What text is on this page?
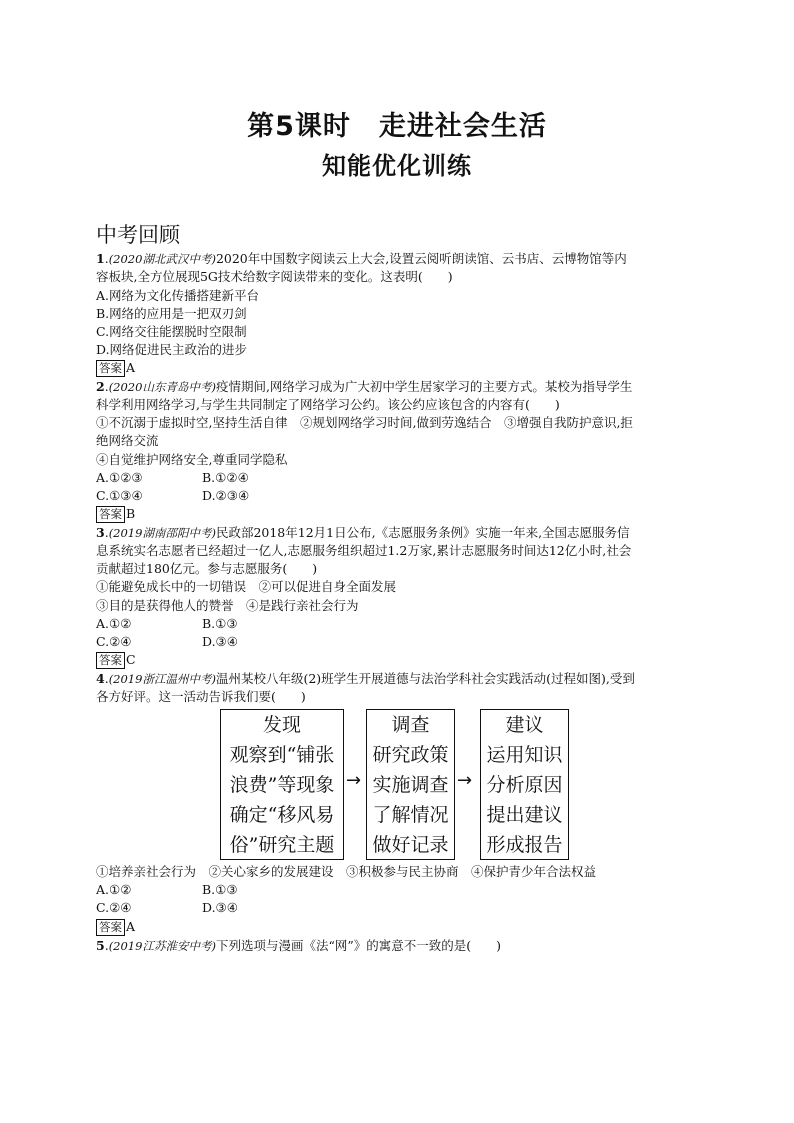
第5课时　走进社会生活
知能优化训练
中考回顾
1.(2020湖北武汉中考)2020年中国数字阅读云上大会,设置云阅听朗读馆、云书店、云博物馆等内
容板块,全方位展现5G技术给数字阅读带来的变化。这表明(　　)
A.网络为文化传播搭建新平台
B.网络的应用是一把双刃剑
C.网络交往能摆脱时空限制
D.网络促进民主政治的进步
答案 A
2.(2020山东青岛中考)疫情期间,网络学习成为广大初中学生居家学习的主要方式。某校为指导学生
科学利用网络学习,与学生共同制定了网络学习公约。该公约应该包含的内容有(　　)
①不沉溺于虚拟时空,坚持生活自律　②规划网络学习时间,做到劳逸结合　③增强自我防护意识,拒
绝网络交流
④自觉维护网络安全,尊重同学隐私
A.①②③	B.①②④
C.①③④	D.②③④
答案 B
3.(2019湖南邵阳中考)民政部2018年12月1日公布,《志愿服务条例》实施一年来,全国志愿服务信
息系统实名志愿者已经超过一亿人,志愿服务组织超过1.2万家,累计志愿服务时间达12亿小时,社会
贡献超过180亿元。参与志愿服务(　　)
①能避免成长中的一切错误　②可以促进自身全面发展
③目的是获得他人的赞誉　④是践行亲社会行为
A.①②	B.①③
C.②④	D.③④
答案 C
4.(2019浙江温州中考)温州某校八年级(2)班学生开展道德与法治学科社会实践活动(过程如图),受到
各方好评。这一活动告诉我们要(　　)
发现
观察到“铺张
浪费”等现象
确定“移风易
俗”研究主题
→
调查
研究政策
实施调查
了解情况
做好记录
→
建议
运用知识
分析原因
提出建议
形成报告
①培养亲社会行为　②关心家乡的发展建设　③积极参与民主协商　④保护青少年合法权益
A.①②	B.①③
C.②④	D.③④
答案 A
5.(2019江苏淮安中考)下列选项与漫画《法“网”》的寓意不一致的是(　　)
